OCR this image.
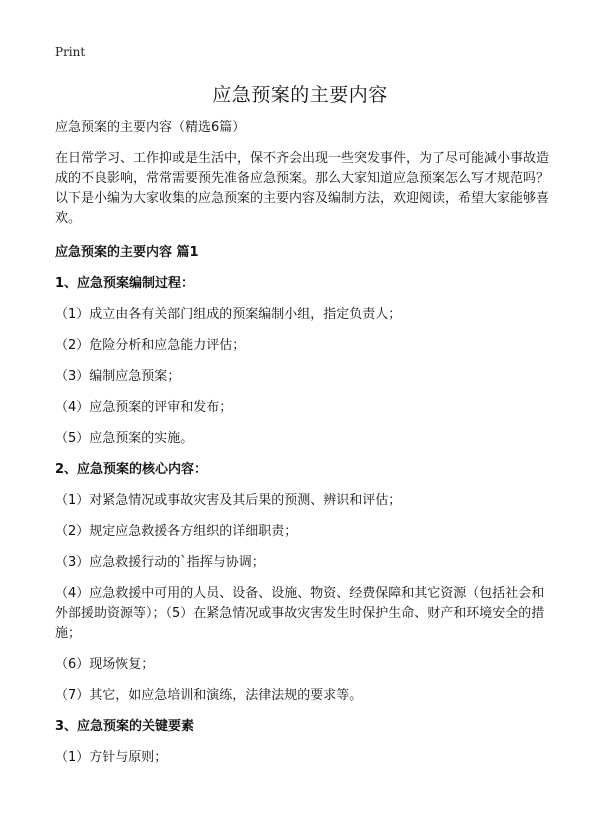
Print
应急预案的主要内容

应急预案的主要内容（精选6篇）

在日常学习、工作抑或是生活中，保不齐会出现一些突发事件，为了尽可能减小事故造成的不良影响，常常需要预先准备应急预案。那么大家知道应急预案怎么写才规范吗？以下是小编为大家收集的应急预案的主要内容及编制方法，欢迎阅读，希望大家能够喜欢。

应急预案的主要内容 篇1

1、应急预案编制过程：

（1）成立由各有关部门组成的预案编制小组，指定负责人；

（2）危险分析和应急能力评估；

（3）编制应急预案；

（4）应急预案的评审和发布；

（5）应急预案的实施。

2、应急预案的核心内容：

（1）对紧急情况或事故灾害及其后果的预测、辨识和评估；

（2）规定应急救援各方组织的详细职责；

（3）应急救援行动的`指挥与协调；

（4）应急救援中可用的人员、设备、设施、物资、经费保障和其它资源（包括社会和外部援助资源等）；（5）在紧急情况或事故灾害发生时保护生命、财产和环境安全的措施；

（6）现场恢复；

（7）其它，如应急培训和演练，法律法规的要求等。

3、应急预案的关键要素

（1）方针与原则；
